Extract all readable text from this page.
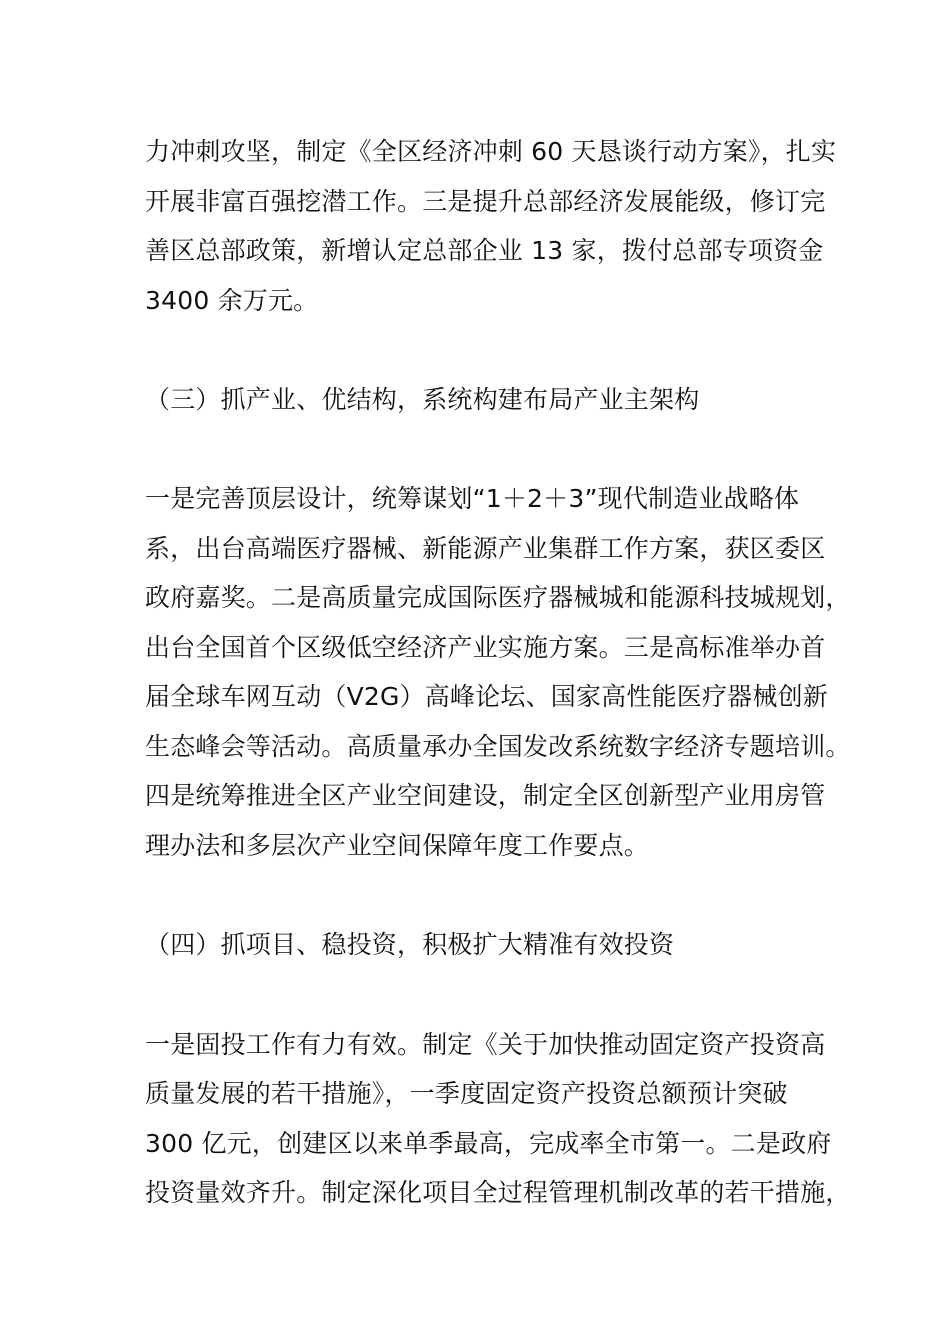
力冲刺攻坚，制定《全区经济冲刺 60 天恳谈行动方案》，扎实
开展非富百强挖潜工作。三是提升总部经济发展能级，修订完
善区总部政策，新增认定总部企业 13 家，拨付总部专项资金
3400 余万元。
（三）抓产业、优结构，系统构建布局产业主架构
一是完善顶层设计，统筹谋划“1＋2＋3”现代制造业战略体
系，出台高端医疗器械、新能源产业集群工作方案，获区委区
政府嘉奖。二是高质量完成国际医疗器械城和能源科技城规划，
出台全国首个区级低空经济产业实施方案。三是高标准举办首
届全球车网互动（V2G）高峰论坛、国家高性能医疗器械创新
生态峰会等活动。高质量承办全国发改系统数字经济专题培训。
四是统筹推进全区产业空间建设，制定全区创新型产业用房管
理办法和多层次产业空间保障年度工作要点。
（四）抓项目、稳投资，积极扩大精准有效投资
一是固投工作有力有效。制定《关于加快推动固定资产投资高
质量发展的若干措施》，一季度固定资产投资总额预计突破
300 亿元，创建区以来单季最高，完成率全市第一。二是政府
投资量效齐升。制定深化项目全过程管理机制改革的若干措施，
